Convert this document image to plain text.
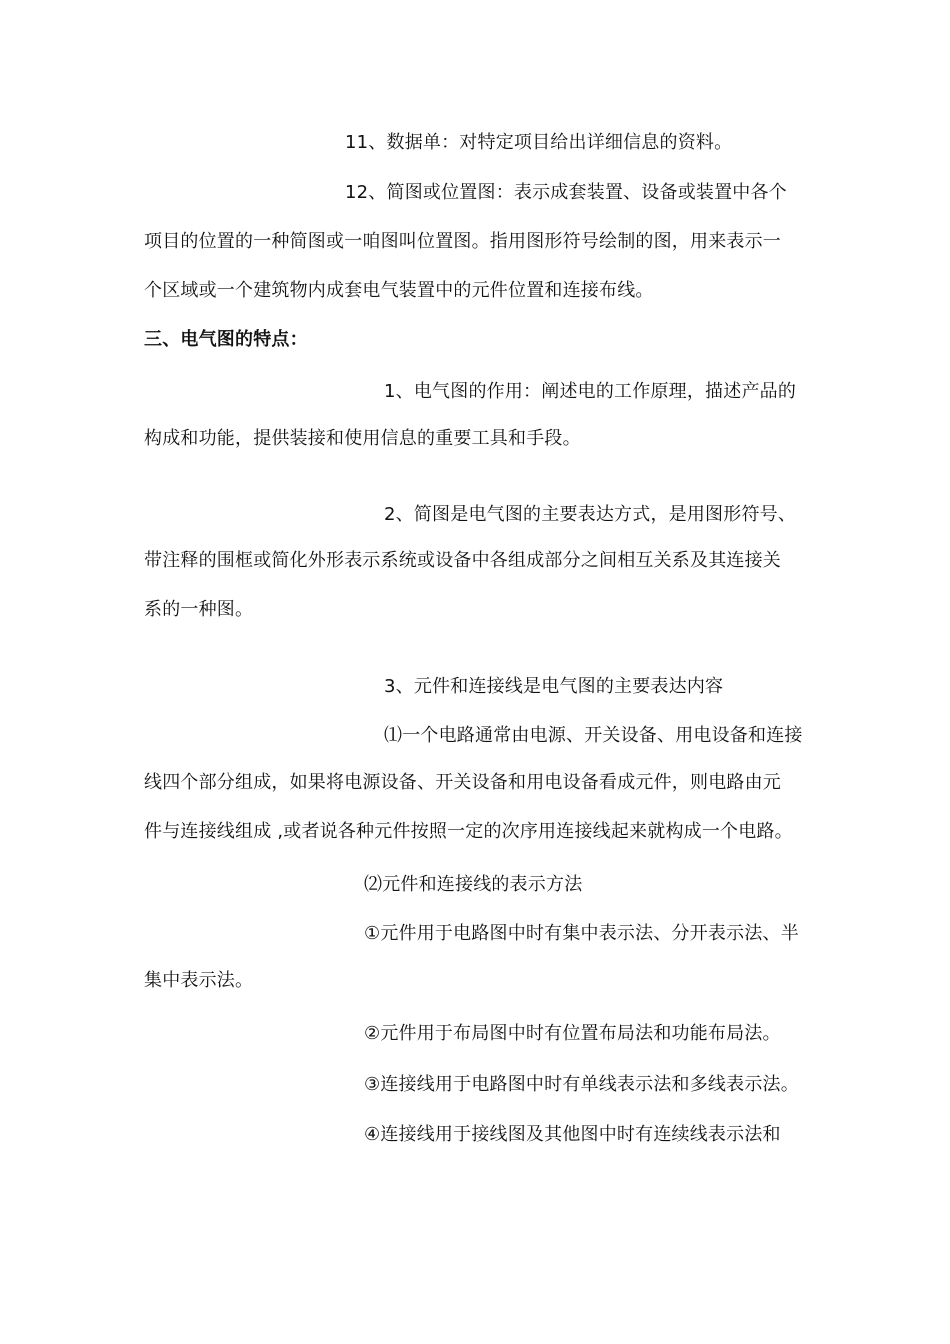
11、数据单：对特定项目给出详细信息的资料。
12、简图或位置图：表示成套装置、设备或装置中各个
项目的位置的一种简图或一咱图叫位置图。指用图形符号绘制的图，用来表示一
个区域或一个建筑物内成套电气装置中的元件位置和连接布线。
三、电气图的特点：
1、电气图的作用：阐述电的工作原理，描述产品的
构成和功能，提供装接和使用信息的重要工具和手段。
2、简图是电气图的主要表达方式，是用图形符号、
带注释的围框或简化外形表示系统或设备中各组成部分之间相互关系及其连接关
系的一种图。
3、元件和连接线是电气图的主要表达内容
⑴一个电路通常由电源、开关设备、用电设备和连接
线四个部分组成，如果将电源设备、开关设备和用电设备看成元件，则电路由元
件与连接线组成 ,或者说各种元件按照一定的次序用连接线起来就构成一个电路。
⑵元件和连接线的表示方法
①元件用于电路图中时有集中表示法、分开表示法、半
集中表示法。
②元件用于布局图中时有位置布局法和功能布局法。
③连接线用于电路图中时有单线表示法和多线表示法。
④连接线用于接线图及其他图中时有连续线表示法和
